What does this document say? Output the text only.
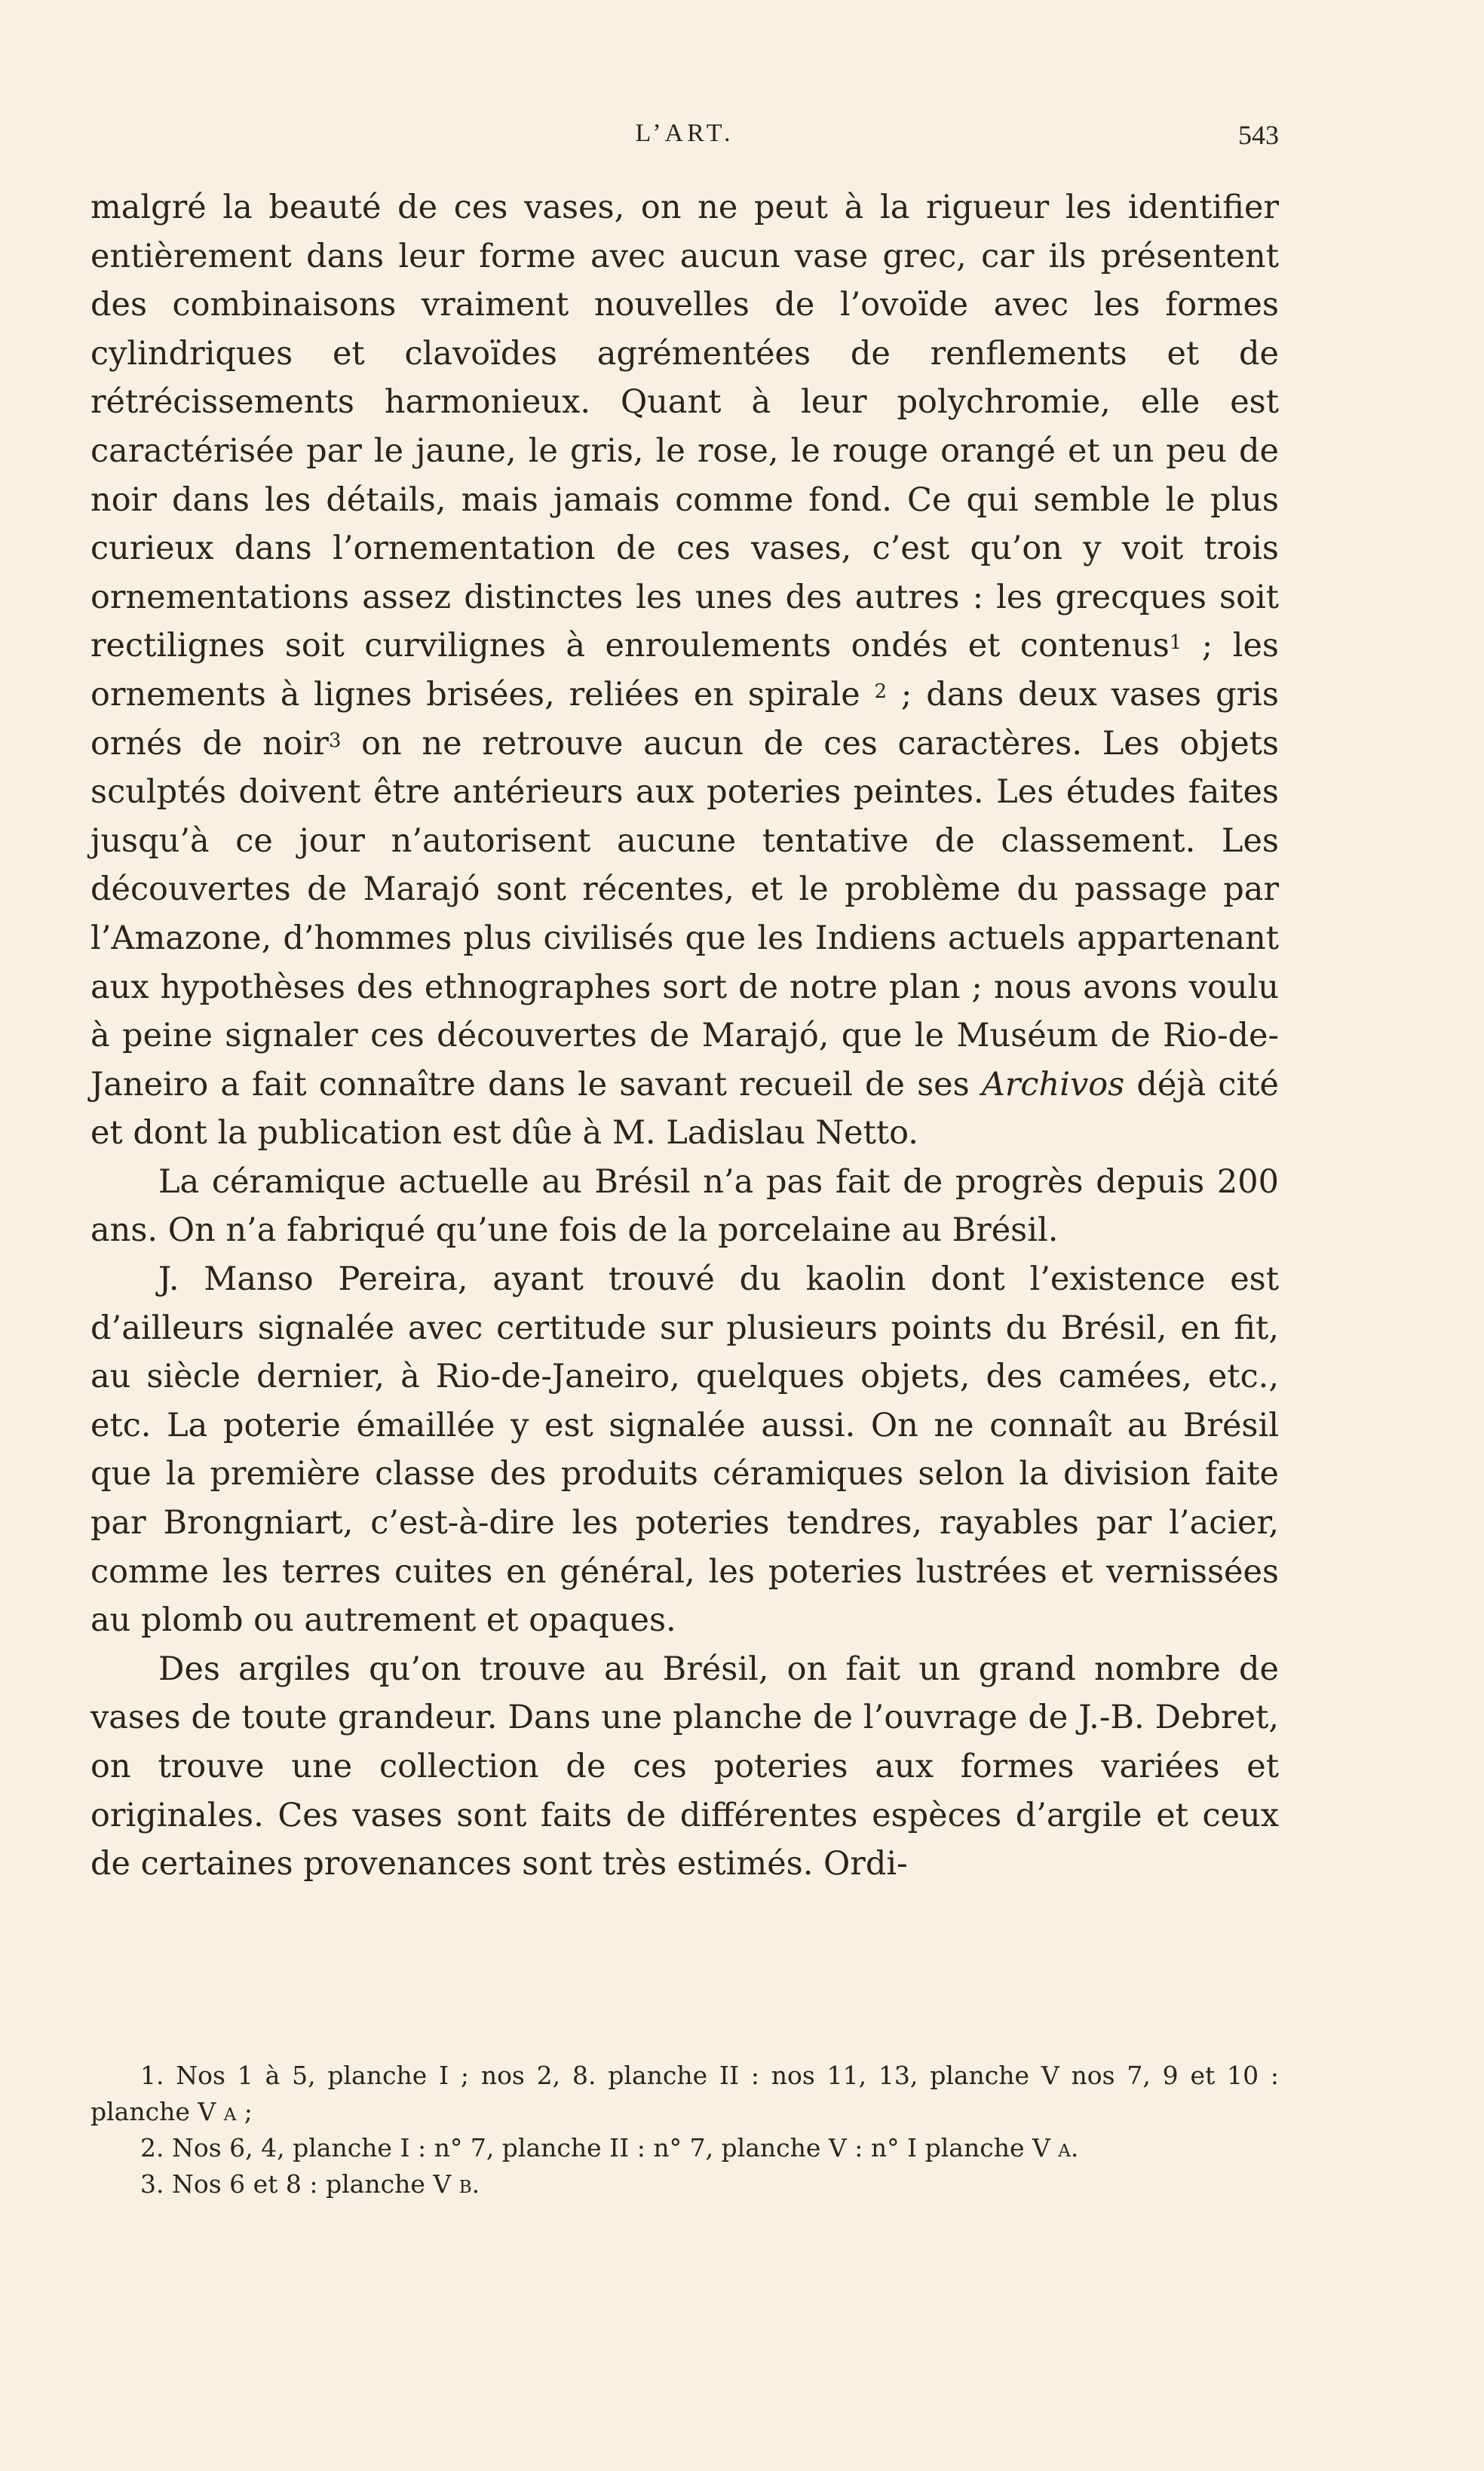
L’ART.	543

malgré la beauté de ces vases, on ne peut à la rigueur les identifier entièrement dans leur forme avec aucun vase grec, car ils présentent des combinaisons vraiment nouvelles de l’ovoïde avec les formes cylindriques et clavoïdes agrémentées de renflements et de rétrécissements harmonieux. Quant à leur polychromie, elle est caractérisée par le jaune, le gris, le rose, le rouge orangé et un peu de noir dans les détails, mais jamais comme fond. Ce qui semble le plus curieux dans l’ornementation de ces vases, c’est qu’on y voit trois ornementations assez distinctes les unes des autres : les grecques soit rectilignes soit curvilignes à enroulements ondés et contenus$^1$ ; les ornements à lignes brisées, reliées en spirale $^2$ ; dans deux vases gris ornés de noir$^3$ on ne retrouve aucun de ces caractères. Les objets sculptés doivent être antérieurs aux poteries peintes. Les études faites jusqu’à ce jour n’autorisent aucune tentative de classement. Les découvertes de Marajó sont récentes, et le problème du passage par l’Amazone, d’hommes plus civilisés que les Indiens actuels appartenant aux hypothèses des ethnographes sort de notre plan ; nous avons voulu à peine signaler ces découvertes de Marajó, que le Muséum de Rio-de-Janeiro a fait connaître dans le savant recueil de ses Archivos déjà cité et dont la publication est dûe à M. Ladislau Netto.

La céramique actuelle au Brésil n’a pas fait de progrès depuis 200 ans. On n’a fabriqué qu’une fois de la porcelaine au Brésil.

J. Manso Pereira, ayant trouvé du kaolin dont l’existence est d’ailleurs signalée avec certitude sur plusieurs points du Brésil, en fit, au siècle dernier, à Rio-de-Janeiro, quelques objets, des camées, etc., etc. La poterie émaillée y est signalée aussi. On ne connaît au Brésil que la première classe des produits céramiques selon la division faite par Brongniart, c’est-à-dire les poteries tendres, rayables par l’acier, comme les terres cuites en général, les poteries lustrées et vernissées au plomb ou autrement et opaques.

Des argiles qu’on trouve au Brésil, on fait un grand nombre de vases de toute grandeur. Dans une planche de l’ouvrage de J.-B. Debret, on trouve une collection de ces poteries aux formes variées et originales. Ces vases sont faits de différentes espèces d’argile et ceux de certaines provenances sont très estimés. Ordi-

1. Nos 1 à 5, planche I ; nos 2, 8. planche II : nos 11, 13, planche V nos 7, 9 et 10 : planche V a ;

2. Nos 6, 4, planche I : n° 7, planche II : n° 7, planche V : n° I planche V a.

3. Nos 6 et 8 : planche V b.
